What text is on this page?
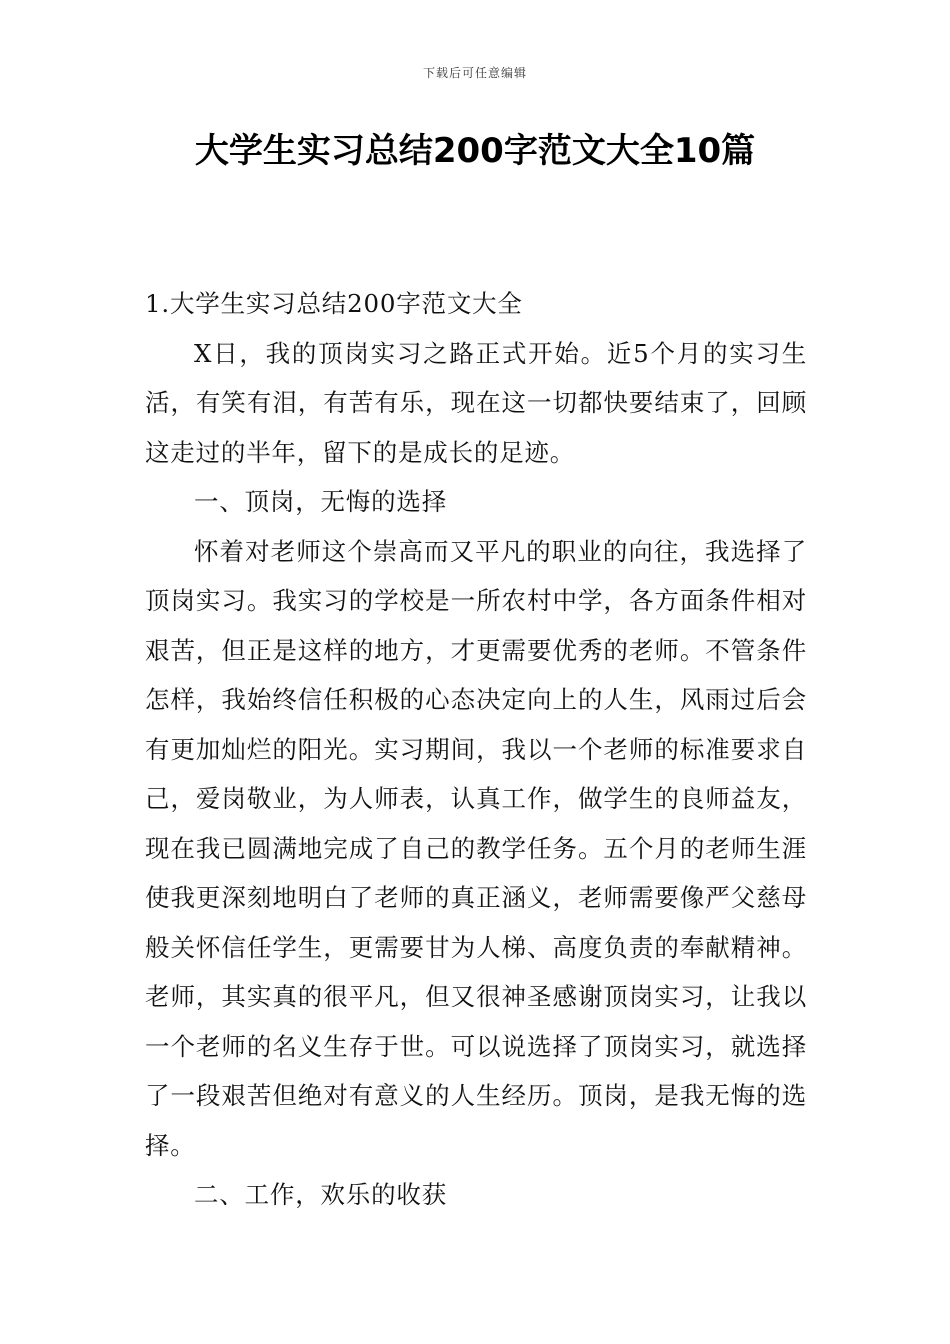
下载后可任意编辑
大学生实习总结200字范文大全10篇

1.大学生实习总结200字范文大全

X日，我的顶岗实习之路正式开始。近5个月的实习生活，有笑有泪，有苦有乐，现在这一切都快要结束了，回顾这走过的半年，留下的是成长的足迹。

一、顶岗，无悔的选择

怀着对老师这个崇高而又平凡的职业的向往，我选择了顶岗实习。我实习的学校是一所农村中学，各方面条件相对艰苦，但正是这样的地方，才更需要优秀的老师。不管条件怎样，我始终信任积极的心态决定向上的人生，风雨过后会有更加灿烂的阳光。实习期间，我以一个老师的标准要求自己，爱岗敬业，为人师表，认真工作，做学生的良师益友，现在我已圆满地完成了自己的教学任务。五个月的老师生涯使我更深刻地明白了老师的真正涵义，老师需要像严父慈母般关怀信任学生，更需要甘为人梯、高度负责的奉献精神。老师，其实真的很平凡，但又很神圣感谢顶岗实习，让我以一个老师的名义生存于世。可以说选择了顶岗实习，就选择了一段艰苦但绝对有意义的人生经历。顶岗，是我无悔的选择。

二、工作，欢乐的收获
